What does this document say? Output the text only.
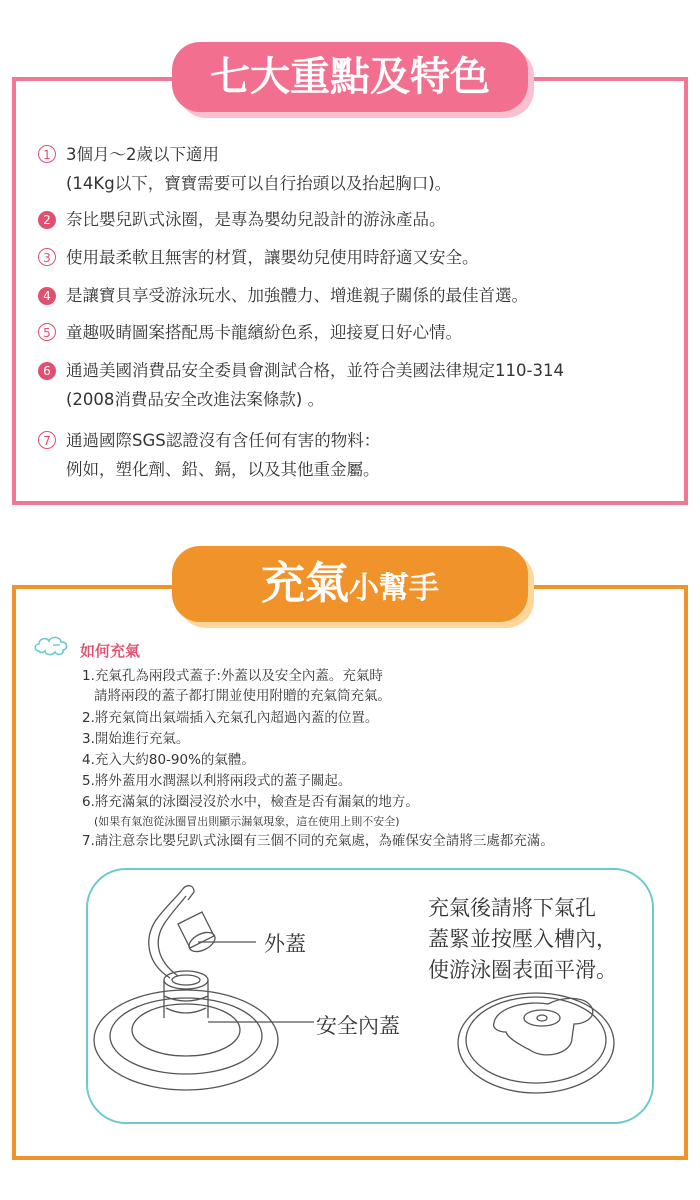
七大重點及特色
1 3個月～2歲以下適用
(14Kg以下，寶寶需要可以自行抬頭以及抬起胸口)。
2 奈比嬰兒趴式泳圈，是專為嬰幼兒設計的游泳產品。
3 使用最柔軟且無害的材質，讓嬰幼兒使用時舒適又安全。
4 是讓寶貝享受游泳玩水、加強體力、增進親子關係的最佳首選。
5 童趣吸睛圖案搭配馬卡龍繽紛色系，迎接夏日好心情。
6 通過美國消費品安全委員會測試合格，並符合美國法律規定110-314
(2008消費品安全改進法案條款) 。
7 通過國際SGS認證沒有含任何有害的物料：
例如，塑化劑、鉛、鎘，以及其他重金屬。
充氣小幫手
如何充氣
1.充氣孔為兩段式蓋子:外蓋以及安全內蓋。充氣時
請將兩段的蓋子都打開並使用附贈的充氣筒充氣。
2.將充氣筒出氣端插入充氣孔內超過內蓋的位置。
3.開始進行充氣。
4.充入大約80-90%的氣體。
5.將外蓋用水潤濕以利將兩段式的蓋子關起。
6.將充滿氣的泳圈浸沒於水中，檢查是否有漏氣的地方。
(如果有氣泡從泳圈冒出則顯示漏氣現象，這在使用上則不安全)
7.請注意奈比嬰兒趴式泳圈有三個不同的充氣處，為確保安全請將三處都充滿。
外蓋
安全內蓋
充氣後請將下氣孔
蓋緊並按壓入槽內，
使游泳圈表面平滑。
